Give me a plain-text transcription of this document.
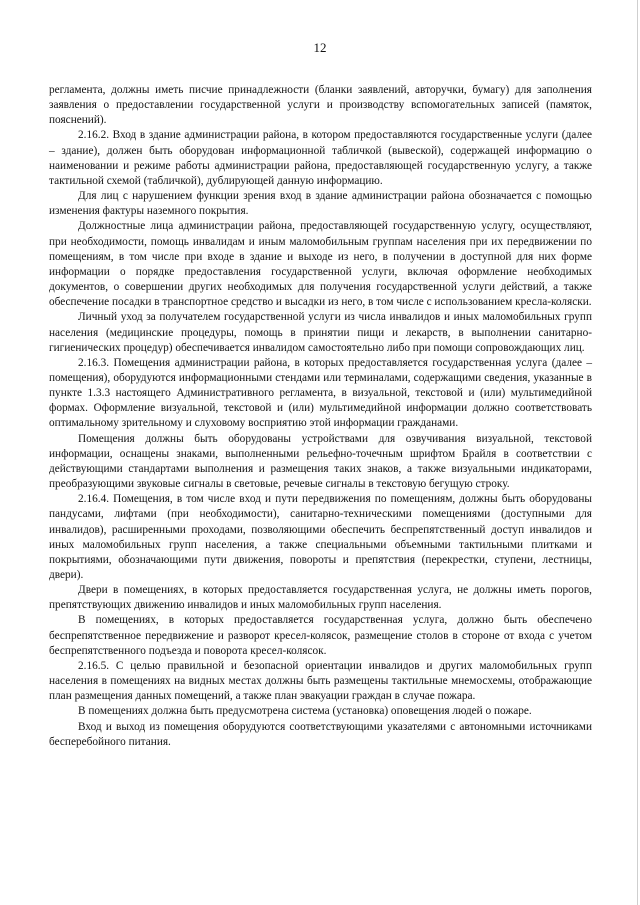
12

регламента, должны иметь писчие принадлежности (бланки заявлений, авторучки, бумагу) для заполнения заявления о предоставлении государственной услуги и производству вспомогательных записей (памяток, пояснений).

2.16.2. Вход в здание администрации района, в котором предоставляются государственные услуги (далее – здание), должен быть оборудован информационной табличкой (вывеской), содержащей информацию о наименовании и режиме работы администрации района, предоставляющей государственную услугу, а также тактильной схемой (табличкой), дублирующей данную информацию.

Для лиц с нарушением функции зрения вход в здание администрации района обозначается с помощью изменения фактуры наземного покрытия.

Должностные лица администрации района, предоставляющей государственную услугу, осуществляют, при необходимости, помощь инвалидам и иным маломобильным группам населения при их передвижении по помещениям, в том числе при входе в здание и выходе из него, в получении в доступной для них форме информации о порядке предоставления государственной услуги, включая оформление необходимых документов, о совершении других необходимых для получения государственной услуги действий, а также обеспечение посадки в транспортное средство и высадки из него, в том числе с использованием кресла-коляски.

Личный уход за получателем государственной услуги из числа инвалидов и иных маломобильных групп населения (медицинские процедуры, помощь в принятии пищи и лекарств, в выполнении санитарно-гигиенических процедур) обеспечивается инвалидом самостоятельно либо при помощи сопровождающих лиц.

2.16.3. Помещения администрации района, в которых предоставляется государственная услуга (далее – помещения), оборудуются информационными стендами или терминалами, содержащими сведения, указанные в пункте 1.3.3 настоящего Административного регламента, в визуальной, текстовой и (или) мультимедийной формах. Оформление визуальной, текстовой и (или) мультимедийной информации должно соответствовать оптимальному зрительному и слуховому восприятию этой информации гражданами.

Помещения должны быть оборудованы устройствами для озвучивания визуальной, текстовой информации, оснащены знаками, выполненными рельефно-точечным шрифтом Брайля в соответствии с действующими стандартами выполнения и размещения таких знаков, а также визуальными индикаторами, преобразующими звуковые сигналы в световые, речевые сигналы в текстовую бегущую строку.

2.16.4. Помещения, в том числе вход и пути передвижения по помещениям, должны быть оборудованы пандусами, лифтами (при необходимости), санитарно-техническими помещениями (доступными для инвалидов), расширенными проходами, позволяющими обеспечить беспрепятственный доступ инвалидов и иных маломобильных групп населения, а также специальными объемными тактильными плитками и покрытиями, обозначающими пути движения, повороты и препятствия (перекрестки, ступени, лестницы, двери).

Двери в помещениях, в которых предоставляется государственная услуга, не должны иметь порогов, препятствующих движению инвалидов и иных маломобильных групп населения.

В помещениях, в которых предоставляется государственная услуга, должно быть обеспечено беспрепятственное передвижение и разворот кресел-колясок, размещение столов в стороне от входа с учетом беспрепятственного подъезда и поворота кресел-колясок.

2.16.5. С целью правильной и безопасной ориентации инвалидов и других маломобильных групп населения в помещениях на видных местах должны быть размещены тактильные мнемосхемы, отображающие план размещения данных помещений, а также план эвакуации граждан в случае пожара.

В помещениях должна быть предусмотрена система (установка) оповещения людей о пожаре.

Вход и выход из помещения оборудуются соответствующими указателями с автономными источниками бесперебойного питания.
